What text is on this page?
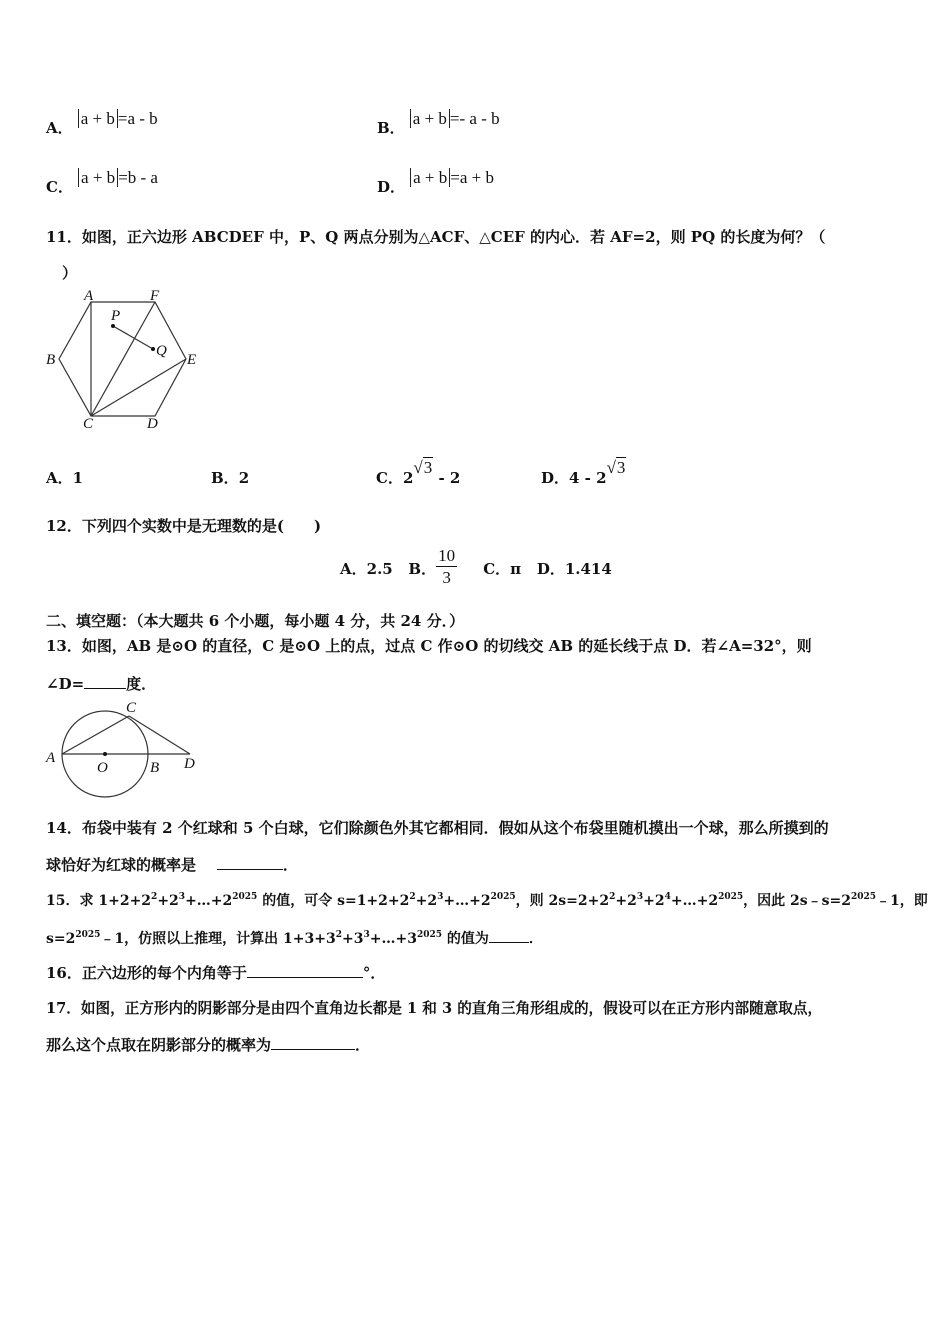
A． a + b =a - b	B． a + b =- a - b
C． a + b =b - a	D． a + b =a + b
11．如图，正六边形 ABCDEF 中，P、Q 两点分别为△ACF、△CEF 的内心．若 AF=2，则 PQ 的长度为何？（
）
A	F
B	E
C	D
P
Q
A．1	B．2	C．2√3 - 2	D．4 - 2√3
12．下列四个实数中是无理数的是(　　)
A．2.5 B． $\frac{10}{3}$ C．π D．1.414
二、填空题：（本大题共 6 个小题，每小题 4 分，共 24 分．）
13．如图，AB 是⊙O 的直径，C 是⊙O 上的点，过点 C 作⊙O 的切线交 AB 的延长线于点 D．若∠A=32°，则
∠D=	度．
A
O	B
C
D
14．布袋中装有 2 个红球和 5 个白球，它们除颜色外其它都相同．假如从这个布袋里随机摸出一个球，那么所摸到的
球恰好为红球的概率是	．
15．求 $1+2+2^2+2^3+\dots+2^{2025}$ 的值，可令 $s=1+2+2^2+2^3+\dots+2^{2025}$，则 $2s=2+2^2+2^3+2^4+\dots+2^{2025}$，因此 $2s﹣s=2^{2025}﹣1$，即
$s=2^{2025}﹣1$，仿照以上推理，计算出 $1+3+3^2+3^3+\dots+3^{2025}$ 的值为	．
16．正六边形的每个内角等于	°．
17．如图，正方形内的阴影部分是由四个直角边长都是 1 和 3 的直角三角形组成的，假设可以在正方形内部随意取点，
那么这个点取在阴影部分的概率为	．
